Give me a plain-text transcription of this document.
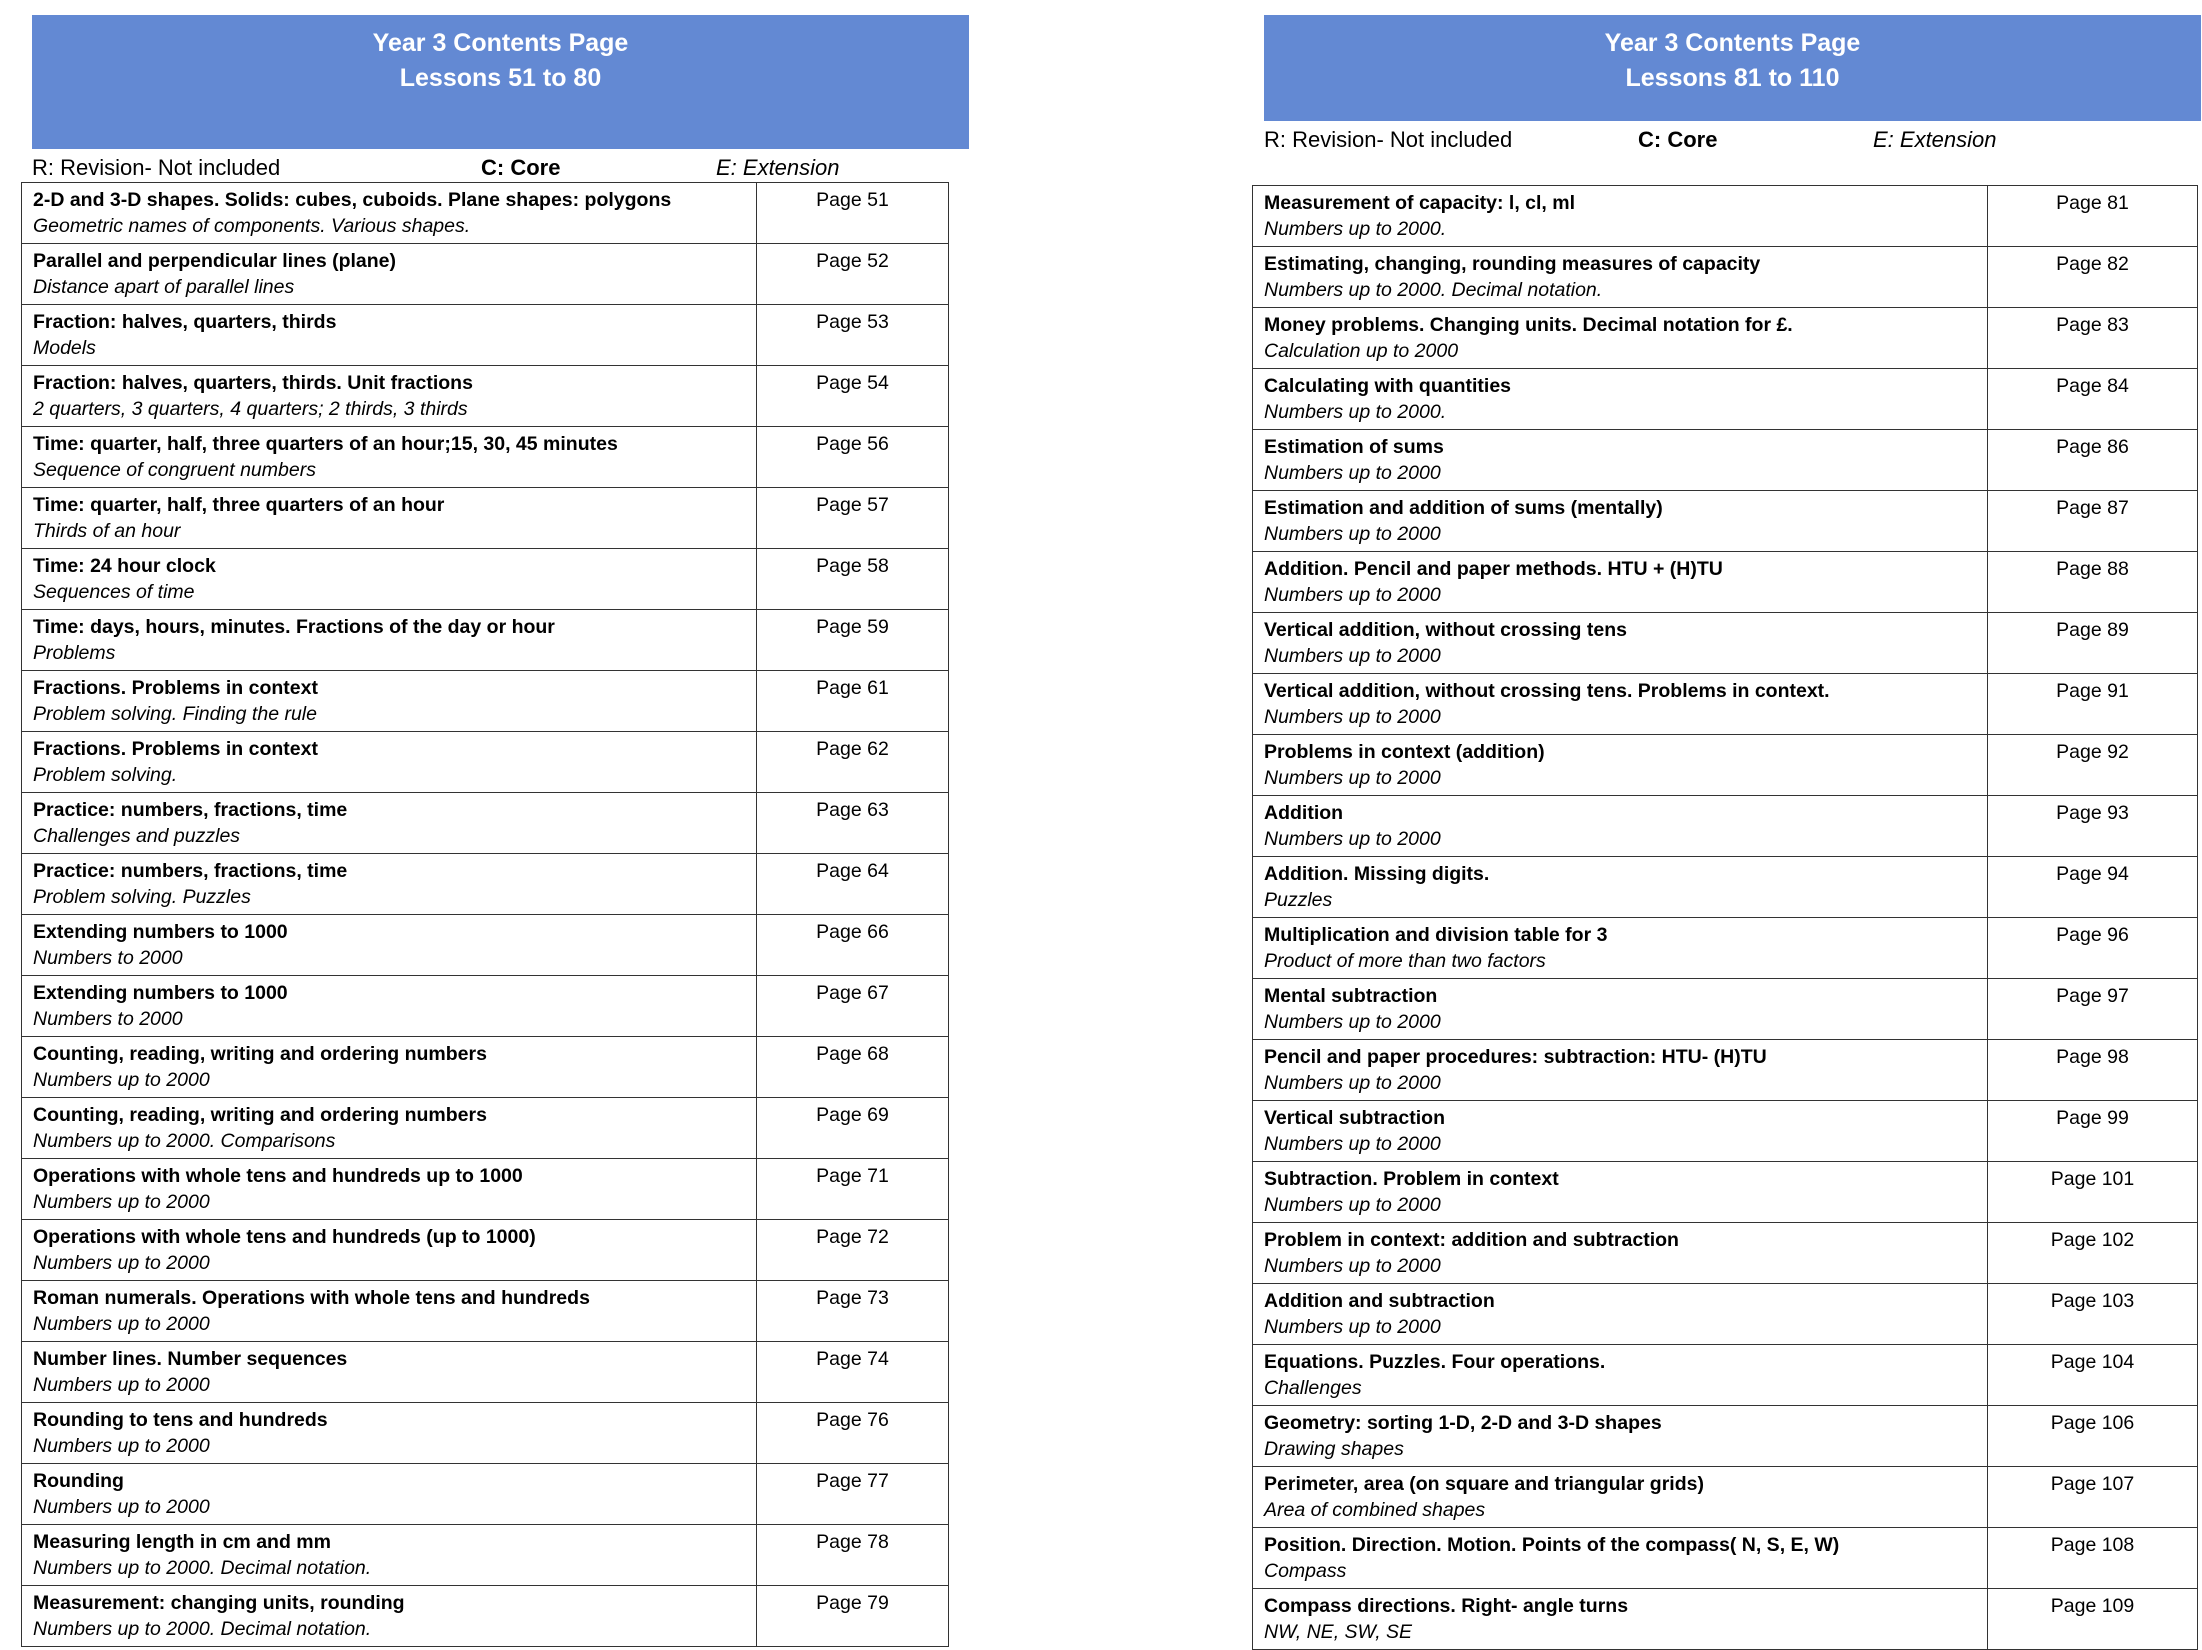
Year 3 Contents Page
Lessons 51 to 80
R: Revision- Not included	C: Core	E: Extension
2-D and 3-D shapes. Solids: cubes, cuboids. Plane shapes: polygons
Geometric names of components. Various shapes.	Page 51

Parallel and perpendicular lines (plane)
Distance apart of parallel lines	Page 52

Fraction: halves, quarters, thirds
Models	Page 53

Fraction: halves, quarters, thirds. Unit fractions
2 quarters, 3 quarters, 4 quarters; 2 thirds, 3 thirds	Page 54

Time: quarter, half, three quarters of an hour;15, 30, 45 minutes
Sequence of congruent numbers	Page 56

Time: quarter, half, three quarters of an hour
Thirds of an hour	Page 57

Time: 24 hour clock
Sequences of time	Page 58

Time: days, hours, minutes. Fractions of the day or hour
Problems	Page 59

Fractions. Problems in context
Problem solving. Finding the rule	Page 61

Fractions. Problems in context
Problem solving.	Page 62

Practice: numbers, fractions, time
Challenges and puzzles	Page 63

Practice: numbers, fractions, time
Problem solving. Puzzles	Page 64

Extending numbers to 1000
Numbers to 2000	Page 66

Extending numbers to 1000
Numbers to 2000	Page 67

Counting, reading, writing and ordering numbers
Numbers up to 2000	Page 68

Counting, reading, writing and ordering numbers
Numbers up to 2000. Comparisons	Page 69

Operations with whole tens and hundreds up to 1000
Numbers up to 2000	Page 71

Operations with whole tens and hundreds (up to 1000)
Numbers up to 2000	Page 72

Roman numerals. Operations with whole tens and hundreds
Numbers up to 2000	Page 73

Number lines. Number sequences
Numbers up to 2000	Page 74

Rounding to tens and hundreds
Numbers up to 2000	Page 76

Rounding
Numbers up to 2000	Page 77

Measuring length in cm and mm
Numbers up to 2000. Decimal notation.	Page 78

Measurement: changing units, rounding
Numbers up to 2000. Decimal notation.	Page 79
Year 3 Contents Page
Lessons 81 to 110
R: Revision- Not included	C: Core	E: Extension
Measurement of capacity: l, cl, ml
Numbers up to 2000.	Page 81

Estimating, changing, rounding measures of capacity
Numbers up to 2000. Decimal notation.	Page 82

Money problems. Changing units. Decimal notation for £.
Calculation up to 2000	Page 83

Calculating with quantities
Numbers up to 2000.	Page 84

Estimation of sums
Numbers up to 2000	Page 86

Estimation and addition of sums (mentally)
Numbers up to 2000	Page 87

Addition. Pencil and paper methods. HTU + (H)TU
Numbers up to 2000	Page 88

Vertical addition, without crossing tens
Numbers up to 2000	Page 89

Vertical addition, without crossing tens. Problems in context.
Numbers up to 2000	Page 91

Problems in context (addition)
Numbers up to 2000	Page 92

Addition
Numbers up to 2000	Page 93

Addition. Missing digits.
Puzzles	Page 94

Multiplication and division table for 3
Product of more than two factors	Page 96

Mental subtraction
Numbers up to 2000	Page 97

Pencil and paper procedures: subtraction: HTU- (H)TU
Numbers up to 2000	Page 98

Vertical subtraction
Numbers up to 2000	Page 99

Subtraction. Problem in context
Numbers up to 2000	Page 101

Problem in context: addition and subtraction
Numbers up to 2000	Page 102

Addition and subtraction
Numbers up to 2000	Page 103

Equations. Puzzles. Four operations.
Challenges	Page 104

Geometry: sorting 1-D, 2-D and 3-D shapes
Drawing shapes	Page 106

Perimeter, area (on square and triangular grids)
Area of combined shapes	Page 107

Position. Direction. Motion. Points of the compass( N, S, E, W)
Compass	Page 108

Compass directions. Right- angle turns
NW, NE, SW, SE	Page 109
